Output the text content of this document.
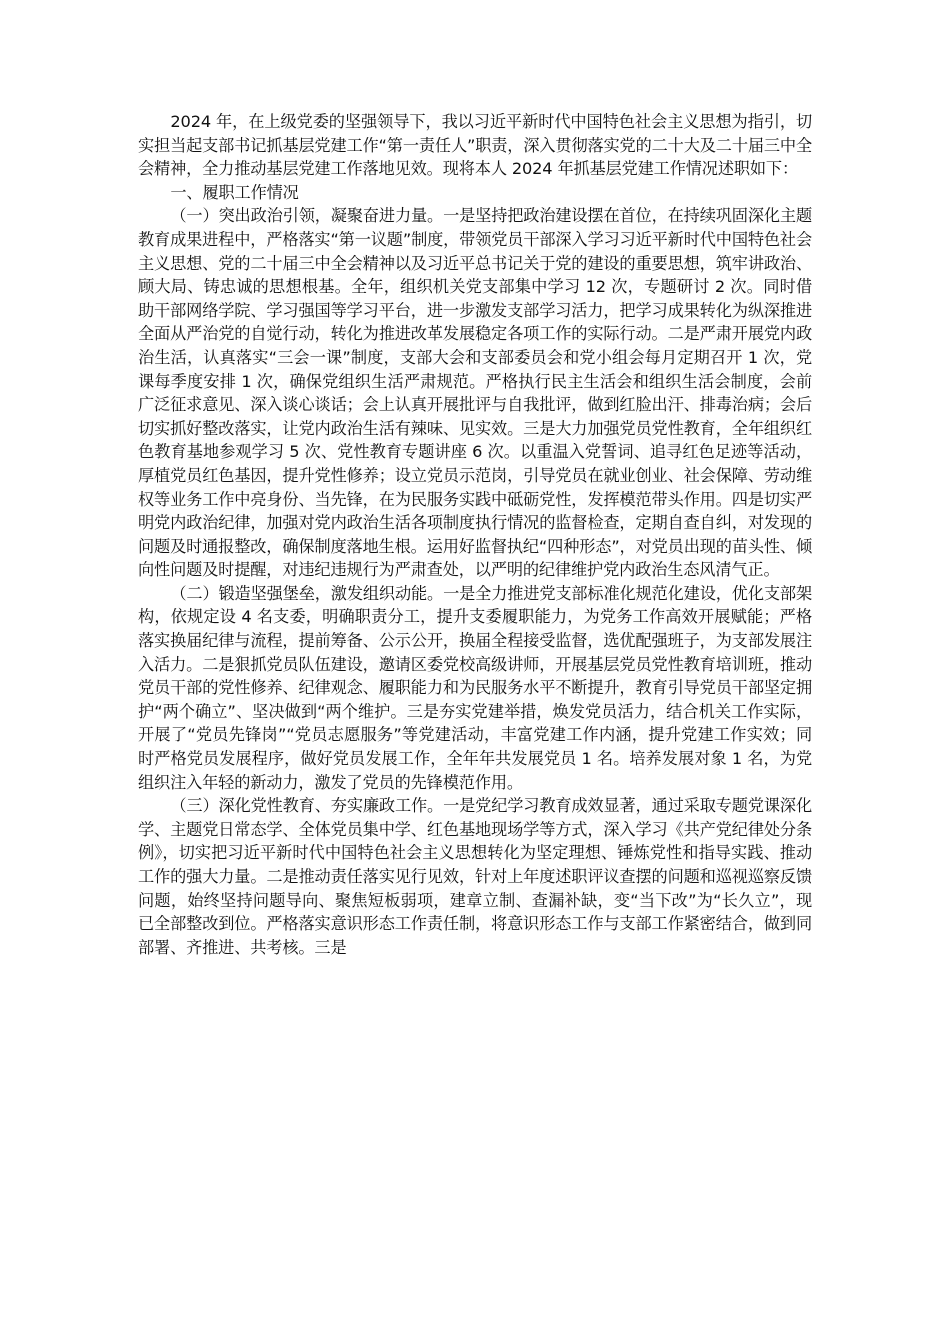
2024 年，在上级党委的坚强领导下，我以习近平新时代中国特色社会主义思想为指引，切实担当起支部书记抓基层党建工作“第一责任人”职责，深入贯彻落实党的二十大及二十届三中全会精神，全力推动基层党建工作落地见效。现将本人 2024 年抓基层党建工作情况述职如下：

一、履职工作情况

（一）突出政治引领，凝聚奋进力量。一是坚持把政治建设摆在首位，在持续巩固深化主题教育成果进程中，严格落实“第一议题”制度，带领党员干部深入学习习近平新时代中国特色社会主义思想、党的二十届三中全会精神以及习近平总书记关于党的建设的重要思想，筑牢讲政治、顾大局、铸忠诚的思想根基。全年，组织机关党支部集中学习 12 次，专题研讨 2 次。同时借助干部网络学院、学习强国等学习平台，进一步激发支部学习活力，把学习成果转化为纵深推进全面从严治党的自觉行动，转化为推进改革发展稳定各项工作的实际行动。二是严肃开展党内政治生活，认真落实“三会一课”制度，支部大会和支部委员会和党小组会每月定期召开 1 次，党课每季度安排 1 次，确保党组织生活严肃规范。严格执行民主生活会和组织生活会制度，会前广泛征求意见、深入谈心谈话；会上认真开展批评与自我批评，做到红脸出汗、排毒治病；会后切实抓好整改落实，让党内政治生活有辣味、见实效。三是大力加强党员党性教育，全年组织红色教育基地参观学习 5 次、党性教育专题讲座 6 次。以重温入党誓词、追寻红色足迹等活动，厚植党员红色基因，提升党性修养；设立党员示范岗，引导党员在就业创业、社会保障、劳动维权等业务工作中亮身份、当先锋，在为民服务实践中砥砺党性，发挥模范带头作用。四是切实严明党内政治纪律，加强对党内政治生活各项制度执行情况的监督检查，定期自查自纠，对发现的问题及时通报整改，确保制度落地生根。运用好监督执纪“四种形态”，对党员出现的苗头性、倾向性问题及时提醒，对违纪违规行为严肃查处，以严明的纪律维护党内政治生态风清气正。

（二）锻造坚强堡垒，激发组织动能。一是全力推进党支部标准化规范化建设，优化支部架构，依规定设 4 名支委，明确职责分工，提升支委履职能力，为党务工作高效开展赋能；严格落实换届纪律与流程，提前筹备、公示公开，换届全程接受监督，选优配强班子，为支部发展注入活力。二是狠抓党员队伍建设，邀请区委党校高级讲师，开展基层党员党性教育培训班，推动党员干部的党性修养、纪律观念、履职能力和为民服务水平不断提升，教育引导党员干部坚定拥护“两个确立”、坚决做到“两个维护。三是夯实党建举措，焕发党员活力，结合机关工作实际，开展了“党员先锋岗”“党员志愿服务”等党建活动，丰富党建工作内涵，提升党建工作实效；同时严格党员发展程序，做好党员发展工作，全年年共发展党员 1 名。培养发展对象 1 名，为党组织注入年轻的新动力，激发了党员的先锋模范作用。

（三）深化党性教育、夯实廉政工作。一是党纪学习教育成效显著，通过采取专题党课深化学、主题党日常态学、全体党员集中学、红色基地现场学等方式，深入学习《共产党纪律处分条例》，切实把习近平新时代中国特色社会主义思想转化为坚定理想、锤炼党性和指导实践、推动工作的强大力量。二是推动责任落实见行见效，针对上年度述职评议查摆的问题和巡视巡察反馈问题，始终坚持问题导向、聚焦短板弱项，建章立制、查漏补缺，变“当下改”为“长久立”，现已全部整改到位。严格落实意识形态工作责任制，将意识形态工作与支部工作紧密结合，做到同部署、齐推进、共考核。三是
